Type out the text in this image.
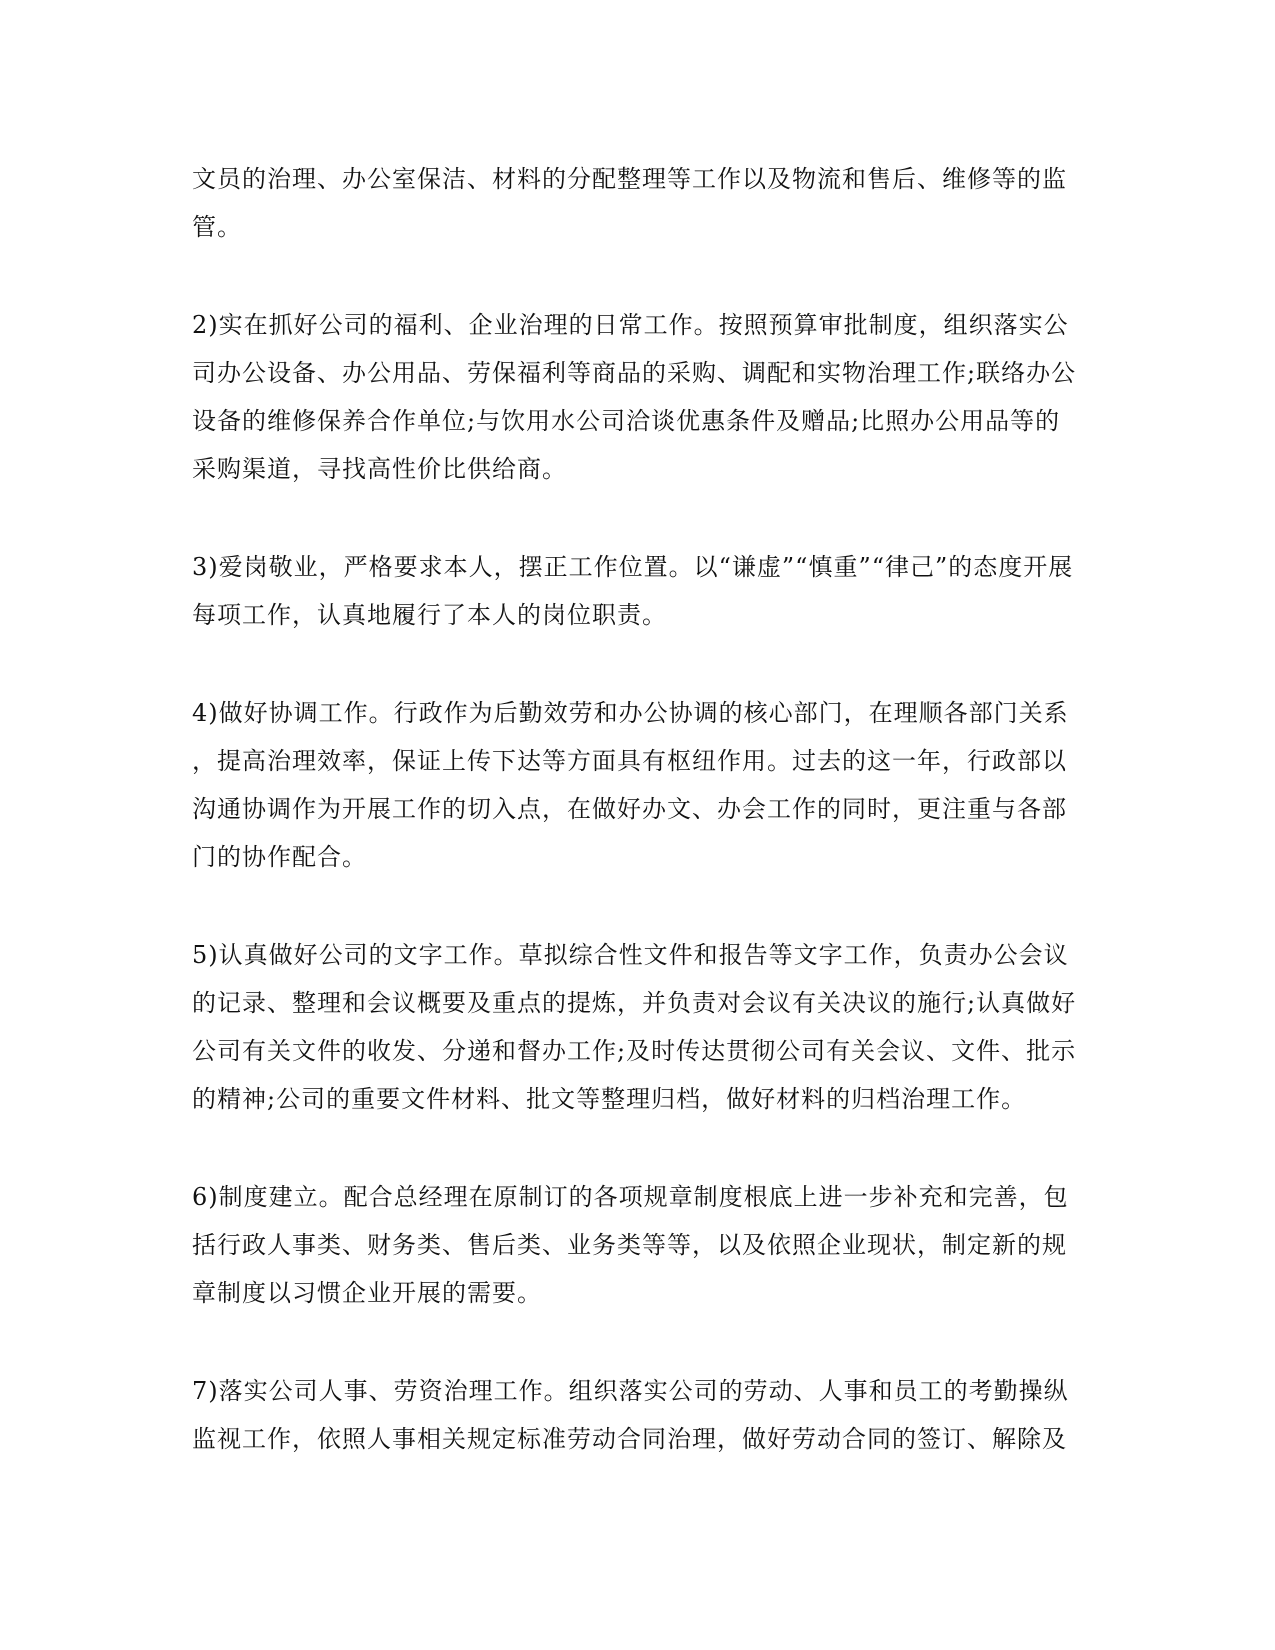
文员的治理、办公室保洁、材料的分配整理等工作以及物流和售后、维修等的监
管。
2)实在抓好公司的福利、企业治理的日常工作。按照预算审批制度，组织落实公
司办公设备、办公用品、劳保福利等商品的采购、调配和实物治理工作;联络办公
设备的维修保养合作单位;与饮用水公司洽谈优惠条件及赠品;比照办公用品等的
采购渠道，寻找高性价比供给商。
3)爱岗敬业，严格要求本人，摆正工作位置。以“谦虚”“慎重”“律己”的态度开展
每项工作，认真地履行了本人的岗位职责。
4)做好协调工作。行政作为后勤效劳和办公协调的核心部门，在理顺各部门关系
，提高治理效率，保证上传下达等方面具有枢纽作用。过去的这一年，行政部以
沟通协调作为开展工作的切入点，在做好办文、办会工作的同时，更注重与各部
门的协作配合。
5)认真做好公司的文字工作。草拟综合性文件和报告等文字工作，负责办公会议
的记录、整理和会议概要及重点的提炼，并负责对会议有关决议的施行;认真做好
公司有关文件的收发、分递和督办工作;及时传达贯彻公司有关会议、文件、批示
的精神;公司的重要文件材料、批文等整理归档，做好材料的归档治理工作。
6)制度建立。配合总经理在原制订的各项规章制度根底上进一步补充和完善，包
括行政人事类、财务类、售后类、业务类等等，以及依照企业现状，制定新的规
章制度以习惯企业开展的需要。
7)落实公司人事、劳资治理工作。组织落实公司的劳动、人事和员工的考勤操纵
监视工作，依照人事相关规定标准劳动合同治理，做好劳动合同的签订、解除及
